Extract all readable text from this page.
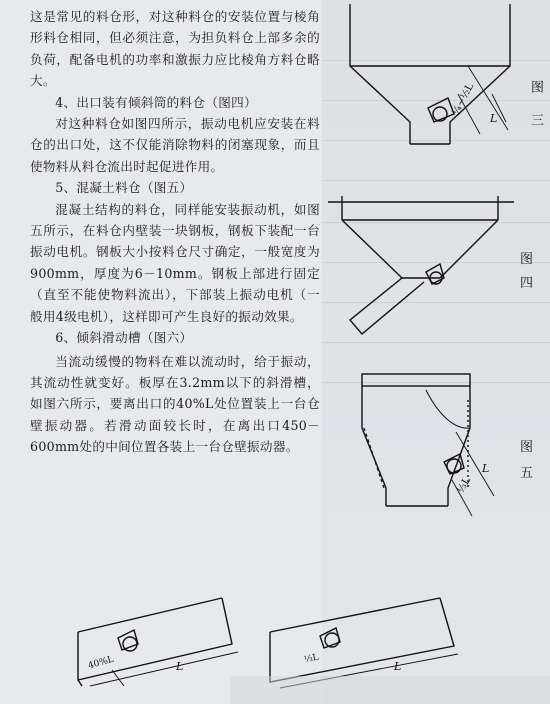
这是常见的料仓形，对这种料仓的安装位置与棱角形料仓相同，但必须注意，为担负料仓上部多余的负荷，配备电机的功率和激振力应比棱角方料仓略大。

4、出口装有倾斜筒的料仓（图四）

对这种料仓如图四所示，振动电机应安装在料仓的出口处，这不仅能消除物料的闭塞现象，而且使物料从料仓流出时起促进作用。

5、混凝土料仓（图五）

混凝土结构的料仓，同样能安装振动机，如图五所示，在料仓内壁装一块钢板，钢板下装配一台振动电机。钢板大小按料仓尺寸确定，一般宽度为900mm，厚度为6－10mm。钢板上部进行固定（直至不能使物料流出），下部装上振动电机（一般用4级电机），这样即可产生良好的振动效果。

6、倾斜滑动槽（图六）

当流动缓慢的物料在难以流动时，给于振动，其流动性就变好。板厚在3.2mm以下的斜滑槽，如图六所示，要离出口的40%L处位置装上一台仓壁振动器。若滑动面较长时，在离出口450－600mm处的中间位置各装上一台仓壁振动器。

¼~½L
L 图三
图
四
⅓L
L
图
五
40%L	L
⅓L
L
